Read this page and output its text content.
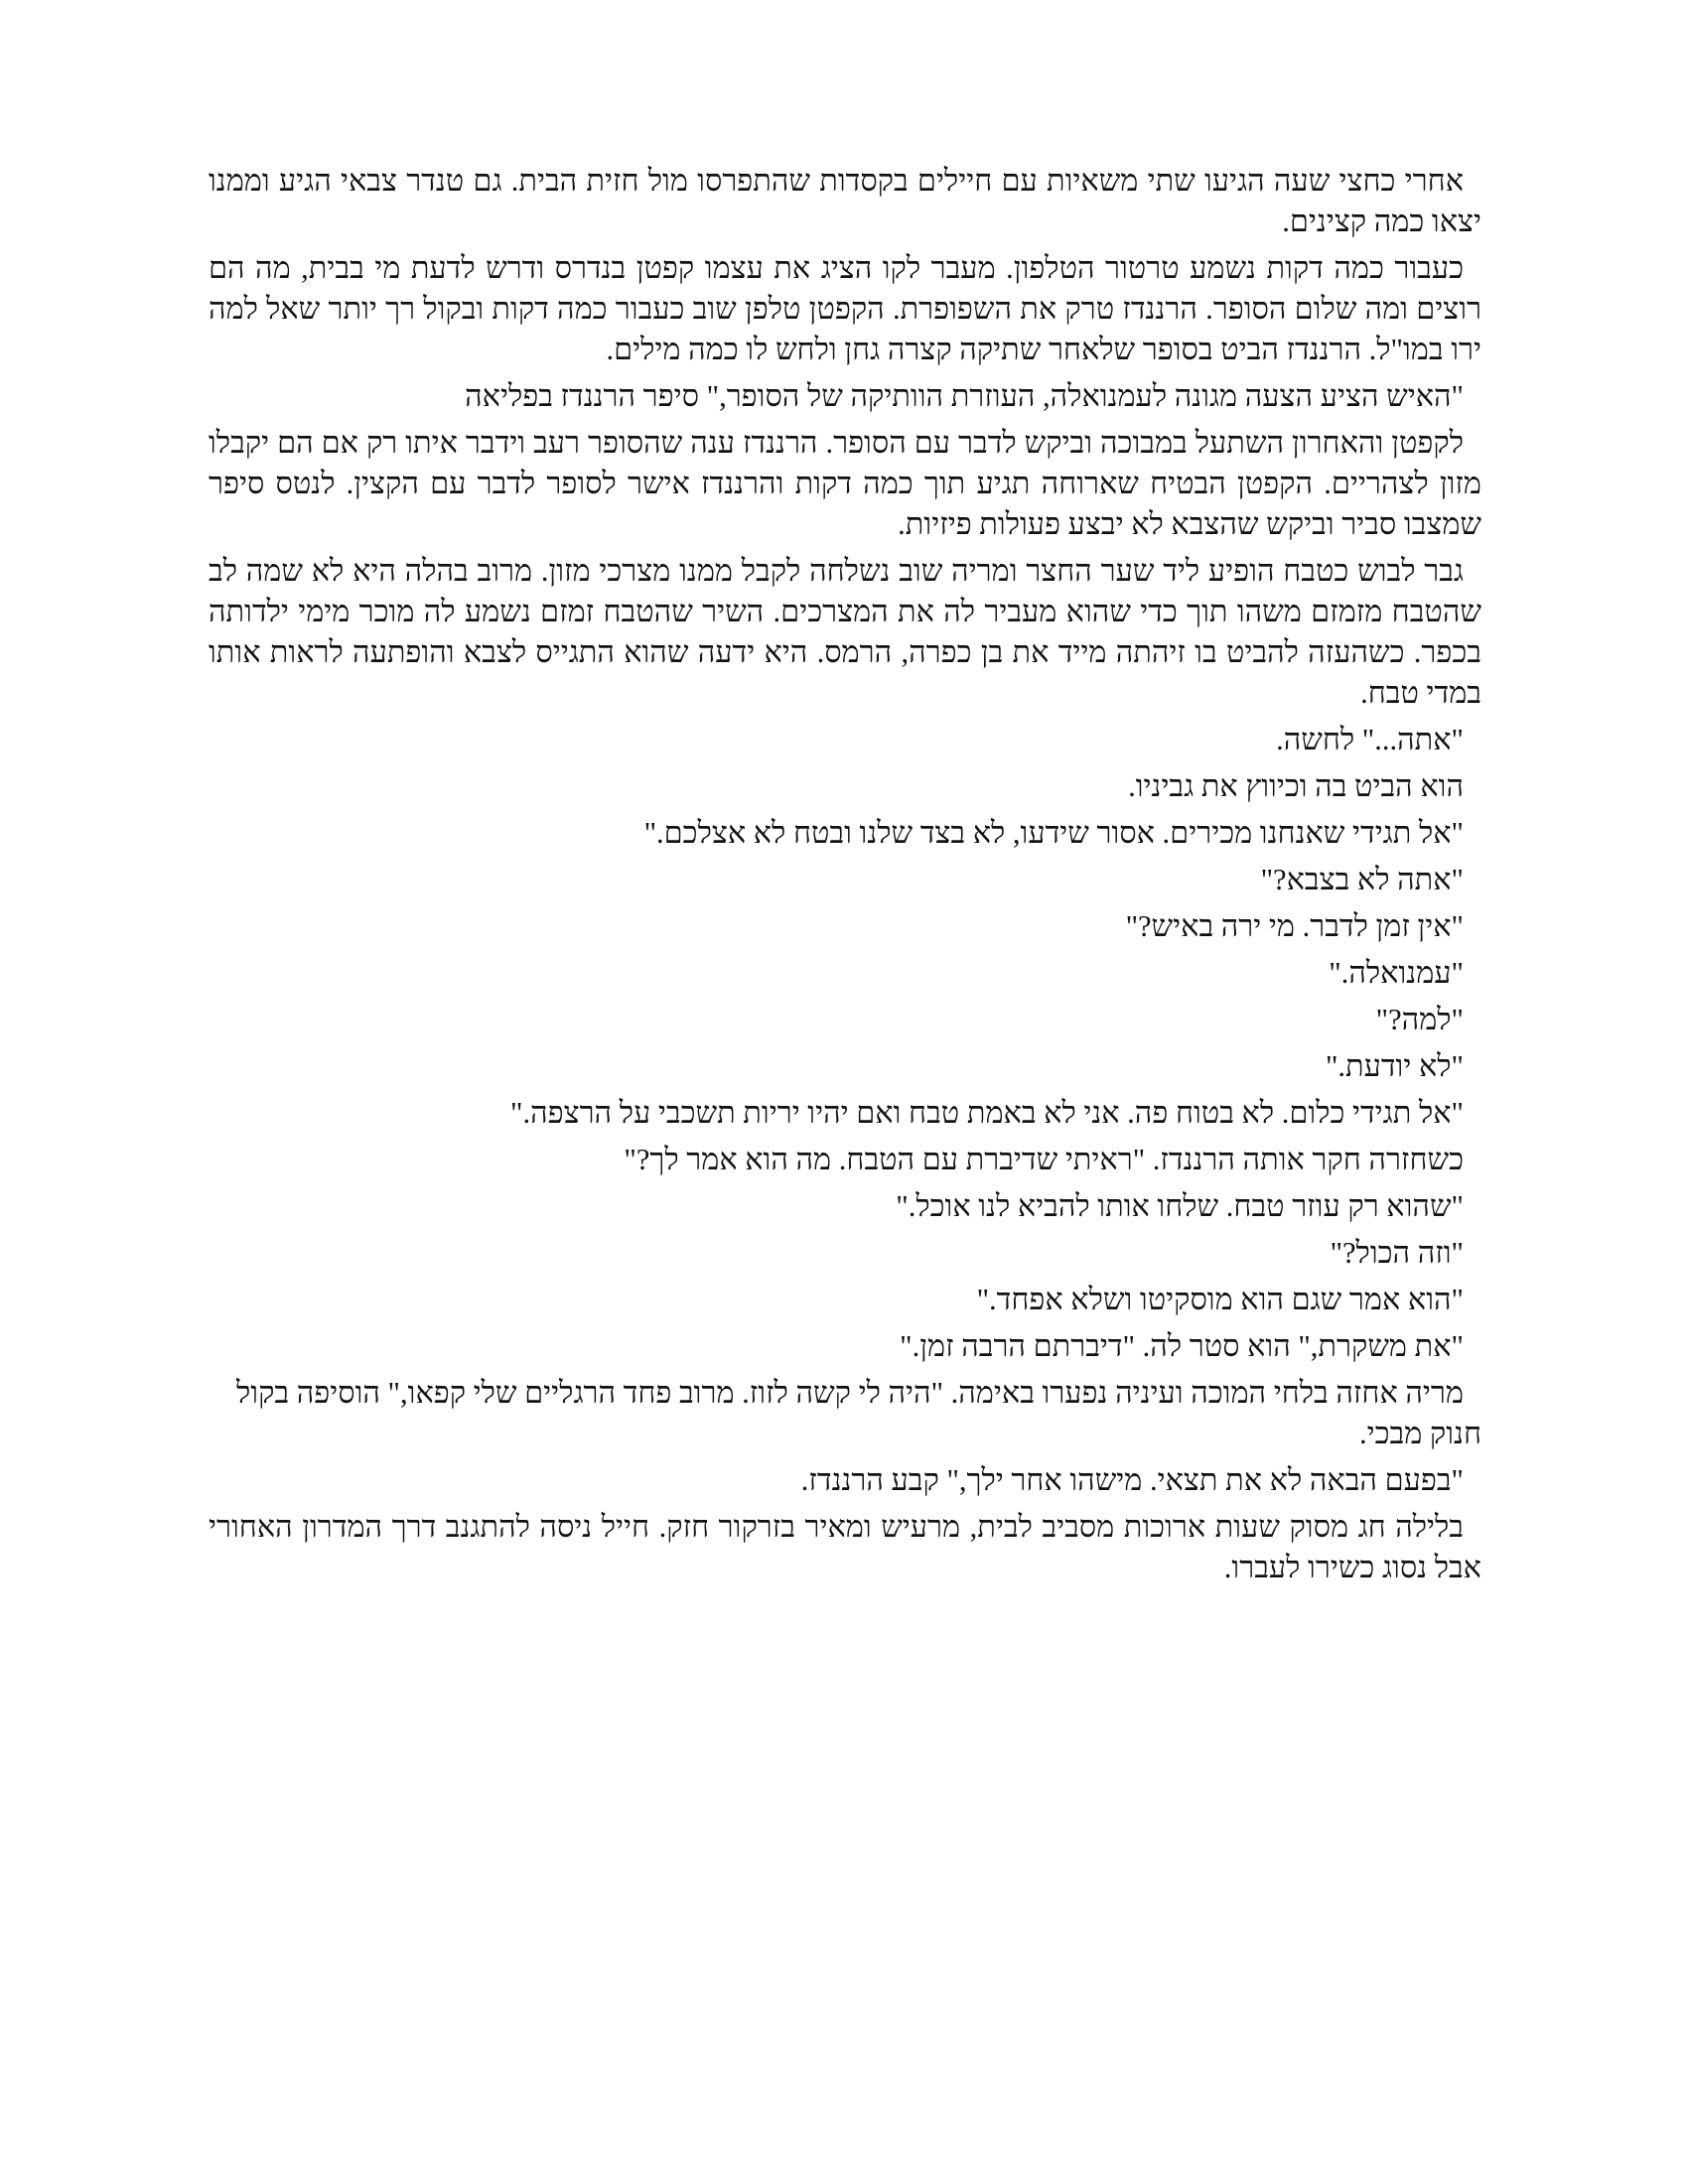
אחרי כחצי שעה הגיעו שתי משאיות עם חיילים בקסדות שהתפרסו מול חזית הבית. גם טנדר צבאי הגיע וממנו יצאו כמה קצינים.

כעבור כמה דקות נשמע טרטור הטלפון. מעבר לקו הציג את עצמו קפטן בנדרס ודרש לדעת מי בבית, מה הם רוצים ומה שלום הסופר. הרננדז טרק את השפופרת. הקפטן טלפן שוב כעבור כמה דקות ובקול רך יותר שאל למה ירו במו"ל. הרננדז הביט בסופר שלאחר שתיקה קצרה גחן ולחש לו כמה מילים.

"האיש הציע הצעה מגונה לעמנואלה, העוזרת הוותיקה של הסופר," סיפר הרננדז בפליאה

לקפטן והאחרון השתעל במבוכה וביקש לדבר עם הסופר. הרננדז ענה שהסופר רעב וידבר איתו רק אם הם יקבלו מזון לצהריים. הקפטן הבטיח שארוחה תגיע תוך כמה דקות והרננדז אישר לסופר לדבר עם הקצין. לנטס סיפר שמצבו סביר וביקש שהצבא לא יבצע פעולות פיזיות.

גבר לבוש כטבח הופיע ליד שער החצר ומריה שוב נשלחה לקבל ממנו מצרכי מזון. מרוב בהלה היא לא שמה לב שהטבח מזמזם משהו תוך כדי שהוא מעביר לה את המצרכים. השיר שהטבח זמזם נשמע לה מוכר מימי ילדותה בכפר. כשהעזה להביט בו זיהתה מייד את בן כפרה, הרמס. היא ידעה שהוא התגייס לצבא והופתעה לראות אותו במדי טבח.

"אתה..." לחשה.

הוא הביט בה וכיווץ את גביניו.

"אל תגידי שאנחנו מכירים. אסור שידעו, לא בצד שלנו ובטח לא אצלכם."

"אתה לא בצבא?"

"אין זמן לדבר. מי ירה באיש?"

"עמנואלה."

"למה?"

"לא יודעת."

"אל תגידי כלום. לא בטוח פה. אני לא באמת טבח ואם יהיו יריות תשכבי על הרצפה."

כשחזרה חקר אותה הרננדז. "ראיתי שדיברת עם הטבח. מה הוא אמר לך?"

"שהוא רק עוזר טבח. שלחו אותו להביא לנו אוכל."

"וזה הכול?"

"הוא אמר שגם הוא מוסקיטו ושלא אפחד."

"את משקרת," הוא סטר לה. "דיברתם הרבה זמן."

מריה אחזה בלחי המוכה ועיניה נפערו באימה. "היה לי קשה לזוז. מרוב פחד הרגליים שלי קפאו," הוסיפה בקול חנוק מבכי.

"בפעם הבאה לא את תצאי. מישהו אחר ילך," קבע הרננדז.

בלילה חג מסוק שעות ארוכות מסביב לבית, מרעיש ומאיר בזרקור חזק. חייל ניסה להתגנב דרך המדרון האחורי אבל נסוג כשירו לעברו.
